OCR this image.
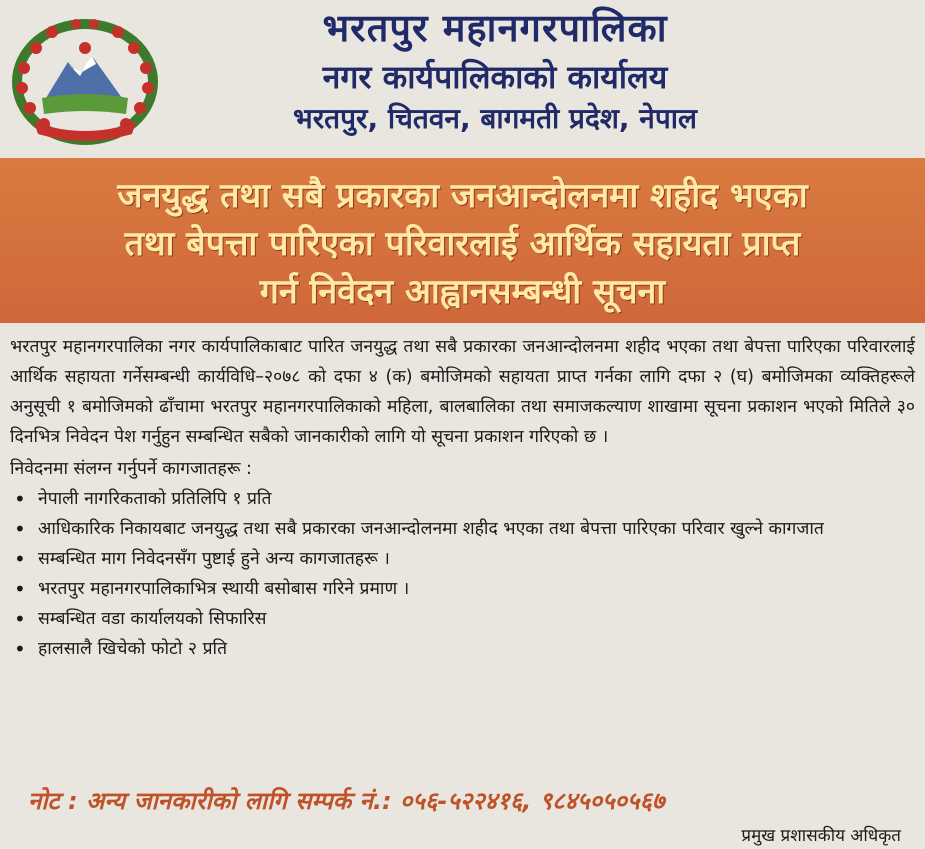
भरतपुर महानगरपालिका
नगर कार्यपालिकाको कार्यालय
भरतपुर, चितवन, बागमती प्रदेश, नेपाल
जनयुद्ध तथा सबै प्रकारका जनआन्दोलनमा शहीद भएका
तथा बेपत्ता पारिएका परिवारलाई आर्थिक सहायता प्राप्त
गर्न निवेदन आह्वानसम्बन्धी सूचना

भरतपुर महानगरपालिका नगर कार्यपालिकाबाट पारित जनयुद्ध तथा सबै प्रकारका जनआन्दोलनमा शहीद भएका तथा बेपत्ता पारिएका परिवारलाई आर्थिक सहायता गर्नेसम्बन्धी कार्यविधि–२०७८ को दफा ४ (क) बमोजिमको सहायता प्राप्त गर्नका लागि दफा २ (घ) बमोजिमका व्यक्तिहरूले अनुसूची १ बमोजिमको ढाँचामा भरतपुर महानगरपालिकाको महिला, बालबालिका तथा समाजकल्याण शाखामा सूचना प्रकाशन भएको मितिले ३० दिनभित्र निवेदन पेश गर्नुहुन सम्बन्धित सबैको जानकारीको लागि यो सूचना प्रकाशन गरिएको छ ।

निवेदनमा संलग्न गर्नुपर्ने कागजातहरू :

• नेपाली नागरिकताको प्रतिलिपि १ प्रति
• आधिकारिक निकायबाट जनयुद्ध तथा सबै प्रकारका जनआन्दोलनमा शहीद भएका तथा बेपत्ता पारिएका परिवार खुल्ने कागजात
• सम्बन्धित माग निवेदनसँग पुष्टाई हुने अन्य कागजातहरू ।
• भरतपुर महानगरपालिकाभित्र स्थायी बसोबास गरिने प्रमाण ।
• सम्बन्धित वडा कार्यालयको सिफारिस
• हालसालै खिचेको फोटो २ प्रति
नोट : अन्य जानकारीको लागि सम्पर्क नं.: ०५६-५२२४१६, ९८४५०५०५६७
प्रमुख प्रशासकीय अधिकृत
